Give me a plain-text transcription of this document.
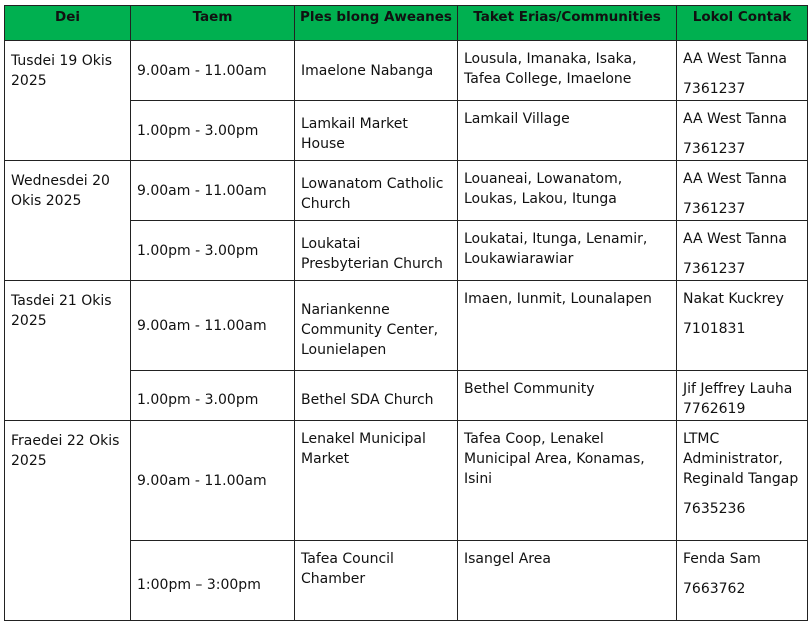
Dei	Taem	Ples blong Aweanes	Taket Erias/Communities	Lokol Contak
Tusdei 19 Okis 2025	9.00am - 11.00am	Imaelone Nabanga	Lousula, Imanaka, Isaka, Tafea College, Imaelone	AA West Tanna
7361237

	1.00pm - 3.00pm	Lamkail Market House	Lamkail Village	AA West Tanna
7361237

Wednesdei 20 Okis 2025	9.00am - 11.00am	Lowanatom Catholic Church	Louaneai, Lowanatom, Loukas, Lakou, Itunga	AA West Tanna
7361237

	1.00pm - 3.00pm	Loukatai Presbyterian Church	Loukatai, Itunga, Lenamir, Loukawiarawiar	AA West Tanna
7361237

Tasdei 21 Okis 2025	9.00am - 11.00am	Nariankenne Community Center, Lounielapen	Imaen, Iunmit, Lounalapen	Nakat Kuckrey
7101831

	1.00pm - 3.00pm	Bethel SDA Church	Bethel Community	Jif Jeffrey Lauha
7762619

Fraedei 22 Okis 2025	9.00am - 11.00am	Lenakel Municipal Market	Tafea Coop, Lenakel Municipal Area, Konamas, Isini	LTMC Administrator, Reginald Tangap
7635236

	1:00pm – 3:00pm	Tafea Council Chamber	Isangel Area	Fenda Sam
7663762
